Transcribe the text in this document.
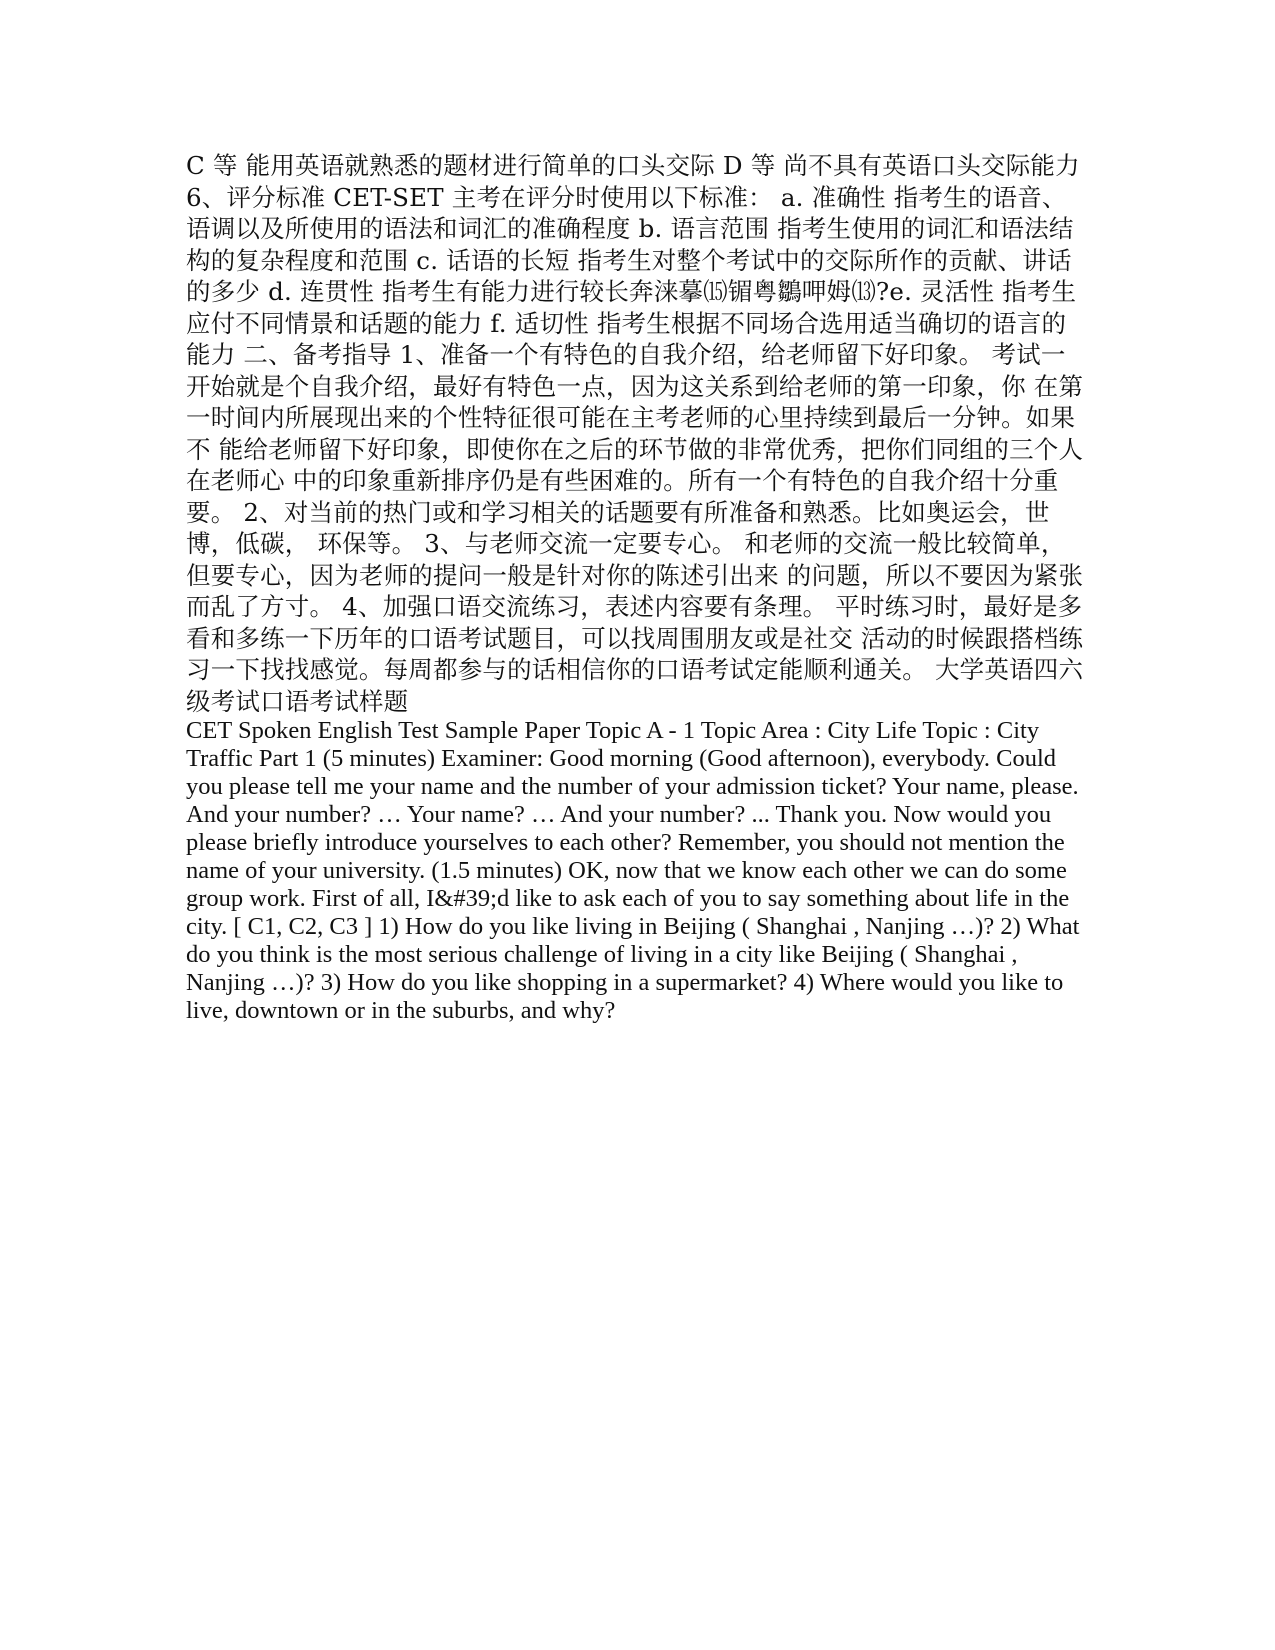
C 等 能用英语就熟悉的题材进行简单的口头交际 D 等 尚不具有英语口头交际能力 6、评分标准 CET-SET 主考在评分时使用以下标准： a. 准确性 指考生的语音、语调以及所使用的语法和词汇的准确程度 b. 语言范围 指考生使用的词汇和语法结构的复杂程度和范围 c. 话语的长短 指考生对整个考试中的交际所作的贡献、讲话的多少 d. 连贯性 指考生有能力进行较长奔涞摹⒂镅粤鶵呷姆⒀?e. 灵活性 指考生应付不同情景和话题的能力 f. 适切性 指考生根据不同场合选用适当确切的语言的能力 二、备考指导 1、准备一个有特色的自我介绍，给老师留下好印象。 考试一开始就是个自我介绍，最好有特色一点，因为这关系到给老师的第一印象，你 在第一时间内所展现出来的个性特征很可能在主考老师的心里持续到最后一分钟。如果不 能给老师留下好印象，即使你在之后的环节做的非常优秀，把你们同组的三个人在老师心 中的印象重新排序仍是有些困难的。所有一个有特色的自我介绍十分重要。 2、对当前的热门或和学习相关的话题要有所准备和熟悉。比如奥运会，世博，低碳， 环保等。 3、与老师交流一定要专心。 和老师的交流一般比较简单， 但要专心，因为老师的提问一般是针对你的陈述引出来 的问题，所以不要因为紧张而乱了方寸。 4、加强口语交流练习，表述内容要有条理。 平时练习时，最好是多看和多练一下历年的口语考试题目，可以找周围朋友或是社交 活动的时候跟搭档练习一下找找感觉。每周都参与的话相信你的口语考试定能顺利通关。 大学英语四六级考试口语考试样题

CET Spoken English Test Sample Paper Topic A - 1 Topic Area : City Life Topic : City Traffic Part 1 (5 minutes) Examiner: Good morning (Good afternoon), everybody. Could you please tell me your name and the number of your admission ticket? Your name, please. And your number? … Your name? … And your number? ... Thank you. Now would you please briefly introduce yourselves to each other? Remember, you should not mention the name of your university. (1.5 minutes) OK, now that we know each other we can do some group work. First of all, I&#39;d like to ask each of you to say something about life in the city. [ C1, C2, C3 ] 1) How do you like living in Beijing ( Shanghai , Nanjing …)? 2) What do you think is the most serious challenge of living in a city like Beijing ( Shanghai , Nanjing …)? 3) How do you like shopping in a supermarket? 4) Where would you like to live, downtown or in the suburbs, and why?
